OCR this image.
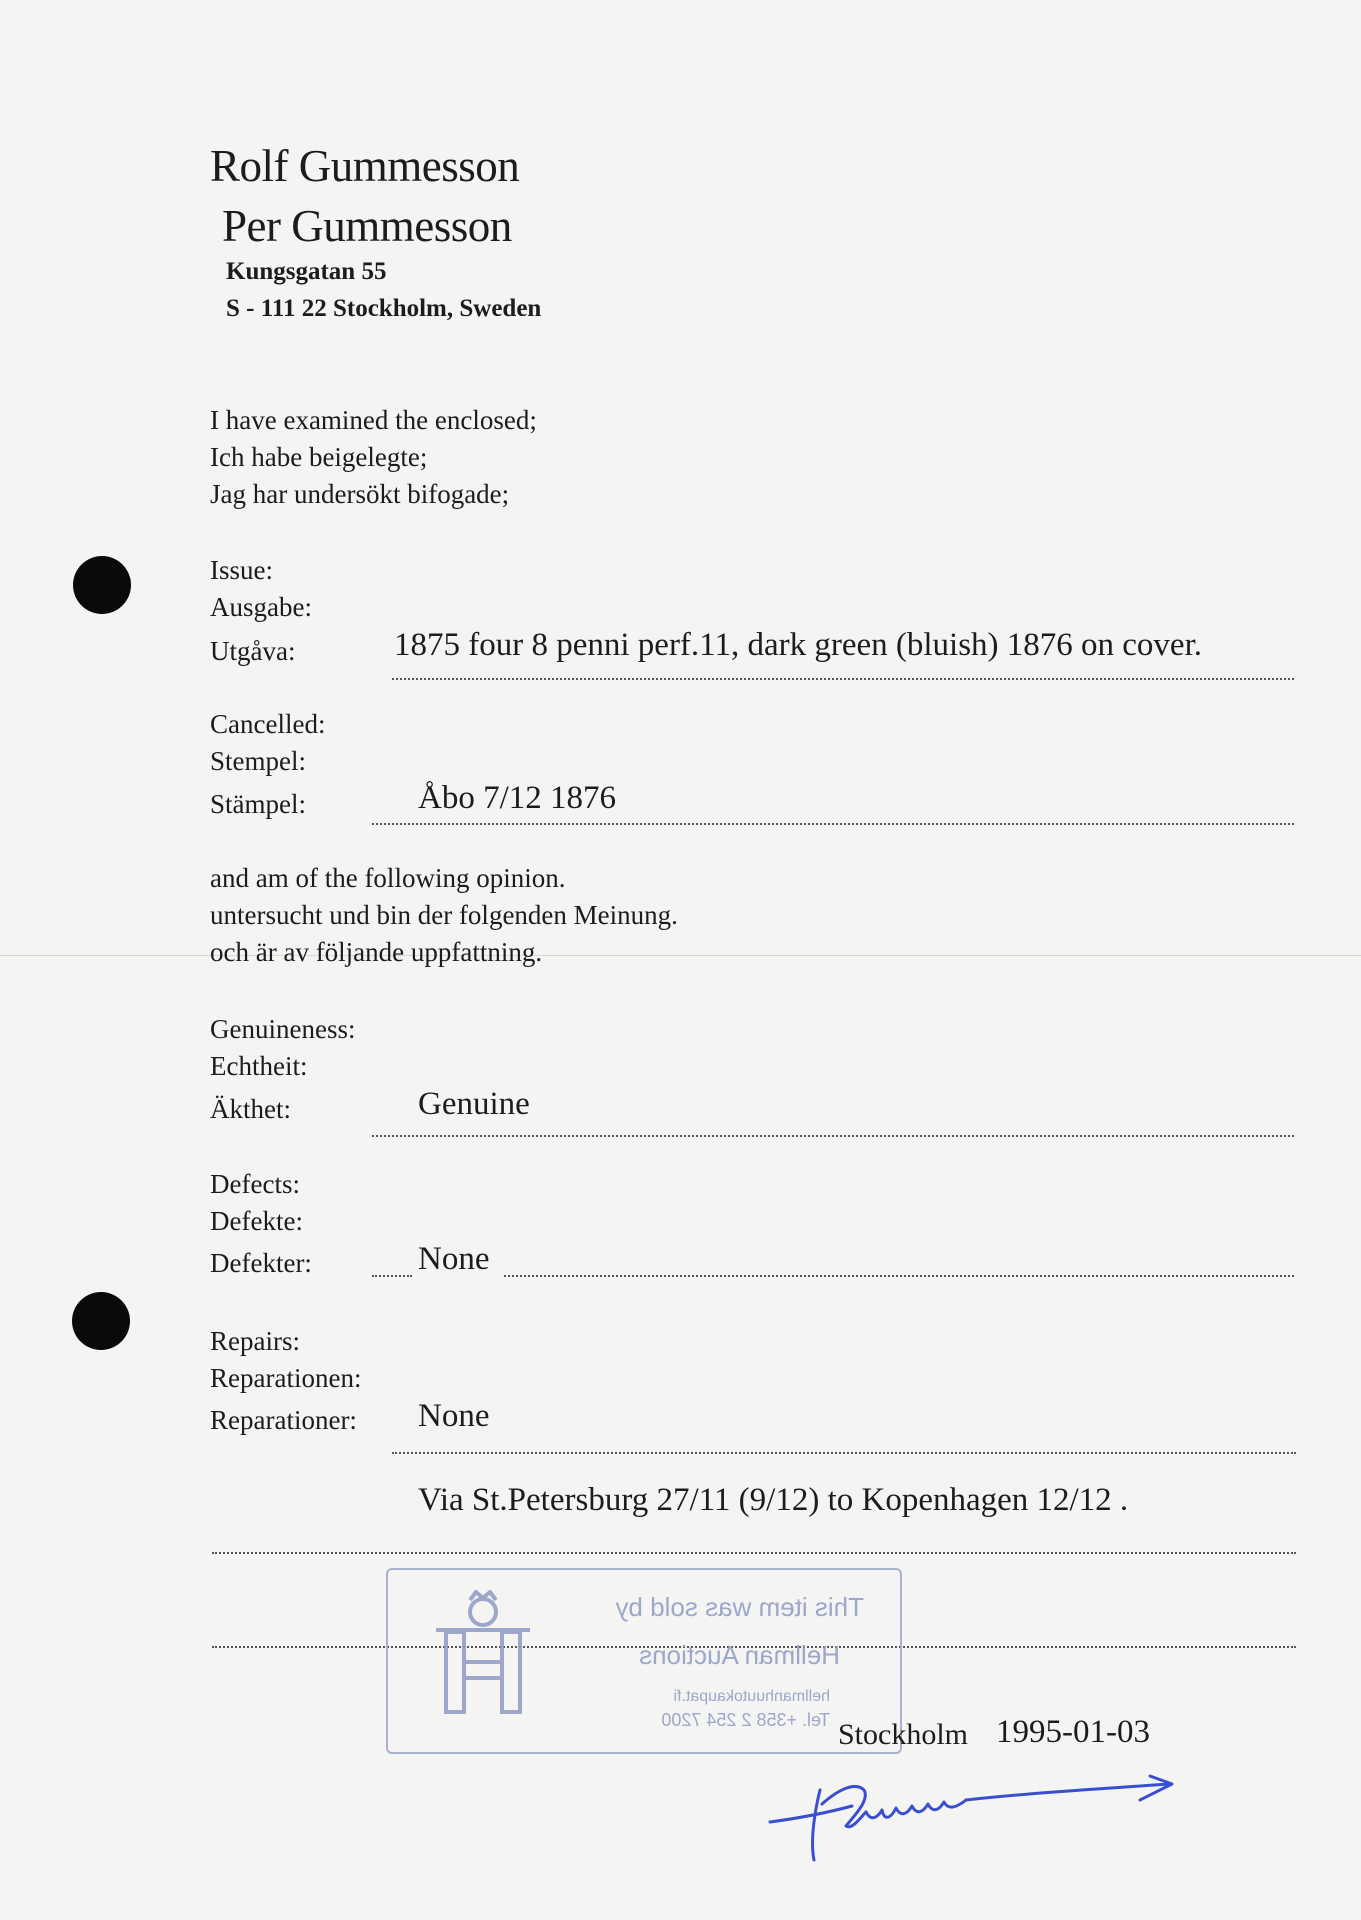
Rolf Gummesson
Per Gummesson
Kungsgatan 55
S - 111 22 Stockholm, Sweden
I have examined the enclosed;
Ich habe beigelegte;
Jag har undersökt bifogade;
Issue:
Ausgabe:
Utgåva:	1875 four 8 penni perf.11, dark green (bluish) 1876 on cover.
Cancelled:
Stempel:
Stämpel:	Åbo 7/12 1876
and am of the following opinion.
untersucht und bin der folgenden Meinung.
och är av följande uppfattning.
Genuineness:
Echtheit:
Äkthet:	Genuine
Defects:
Defekte:
Defekter:	None
Repairs:
Reparationen:
Reparationer: None
Via St.Petersburg 27/11 (9/12) to Kopenhagen 12/12 .
This item was sold by
Hellman Auctions
hellmanhuutokaupat.fi
Tel. +358 2 254 7200 Stockholm 1995-01-03
